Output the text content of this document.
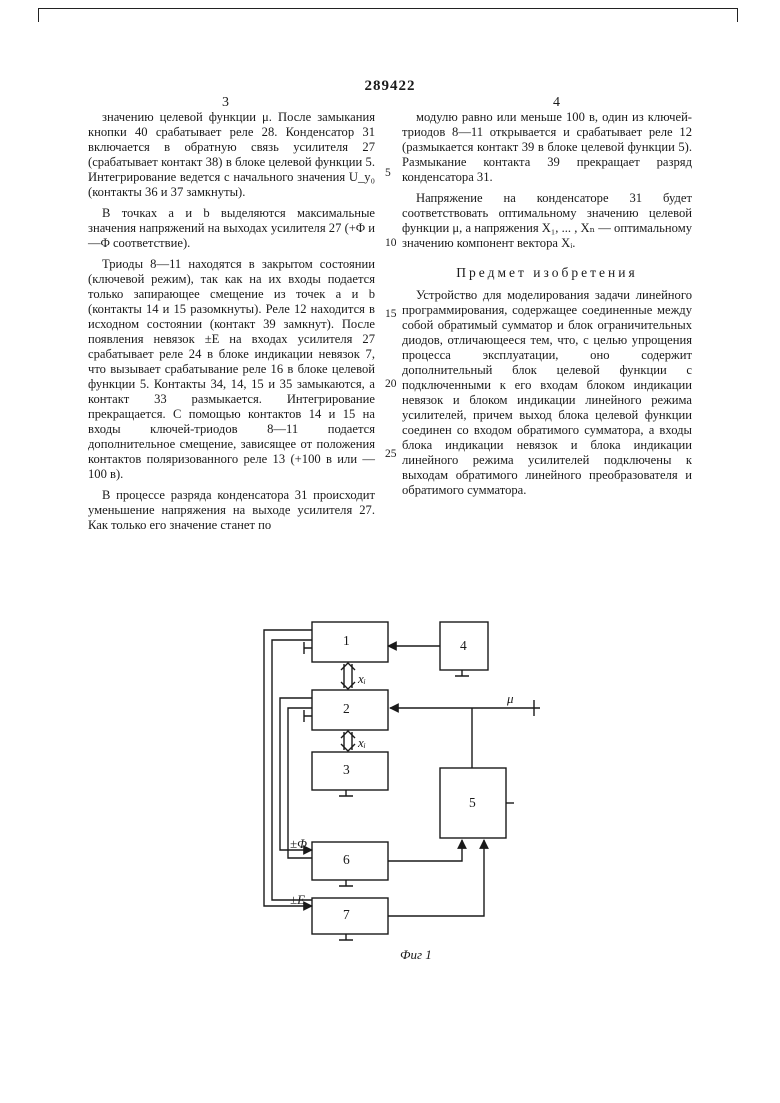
289422
3	4

значению целевой функции μ. После замыкания кнопки 40 срабатывает реле 28. Конденсатор 31 включается в обратную связь усилителя 27 (срабатывает контакт 38) в блоке целевой функции 5. Интегрирование ведется с начального значения U_y₀ (контакты 36 и 37 замкнуты).

В точках a и b выделяются максимальные значения напряжений на выходах усилителя 27 (+Φ и —Φ соответствие).

Триоды 8—11 находятся в закрытом состоянии (ключевой режим), так как на их входы подается только запирающее смещение из точек a и b (контакты 14 и 15 разомкнуты). Реле 12 находится в исходном состоянии (контакт 39 замкнут). После появления невязок ±E на входах усилителя 27 срабатывает реле 24 в блоке индикации невязок 7, что вызывает срабатывание реле 16 в блоке целевой функции 5. Контакты 34, 14, 15 и 35 замыкаются, а контакт 33 размыкается. Интегрирование прекращается. С помощью контактов 14 и 15 на входы ключей-триодов 8—11 подается дополнительное смещение, зависящее от положения контактов поляризованного реле 13 (+100 в или —100 в).

В процессе разряда конденсатора 31 происходит уменьшение напряжения на выходе усилителя 27. Как только его значение станет по

5
10
15
20
25

модулю равно или меньше 100 в, один из ключей-триодов 8—11 открывается и срабатывает реле 12 (размыкается контакт 39 в блоке целевой функции 5). Размыкание контакта 39 прекращает разряд конденсатора 31.

Напряжение на конденсаторе 31 будет соответствовать оптимальному значению целевой функции μ, а напряжения X₁, ... , Xₙ — оптимальному значению компонент вектора Xᵢ.

Предмет изобретения

Устройство для моделирования задачи линейного программирования, содержащее соединенные между собой обратимый сумматор и блок ограничительных диодов, отличающееся тем, что, с целью упрощения процесса эксплуатации, оно содержит дополнительный блок целевой функции с подключенными к его входам блоком индикации невязок и блоком индикации линейного режима усилителей, причем выход блока целевой функции соединен со входом обратимого сумматора, а входы блока индикации невязок и блока индикации линейного режима усилителей подключены к выходам обратимого линейного преобразователя и обратимого сумматора.

1
2
3
4
5
6
7
xᵢ
xᵢ
μ
±Φ
±E
Фиг 1
